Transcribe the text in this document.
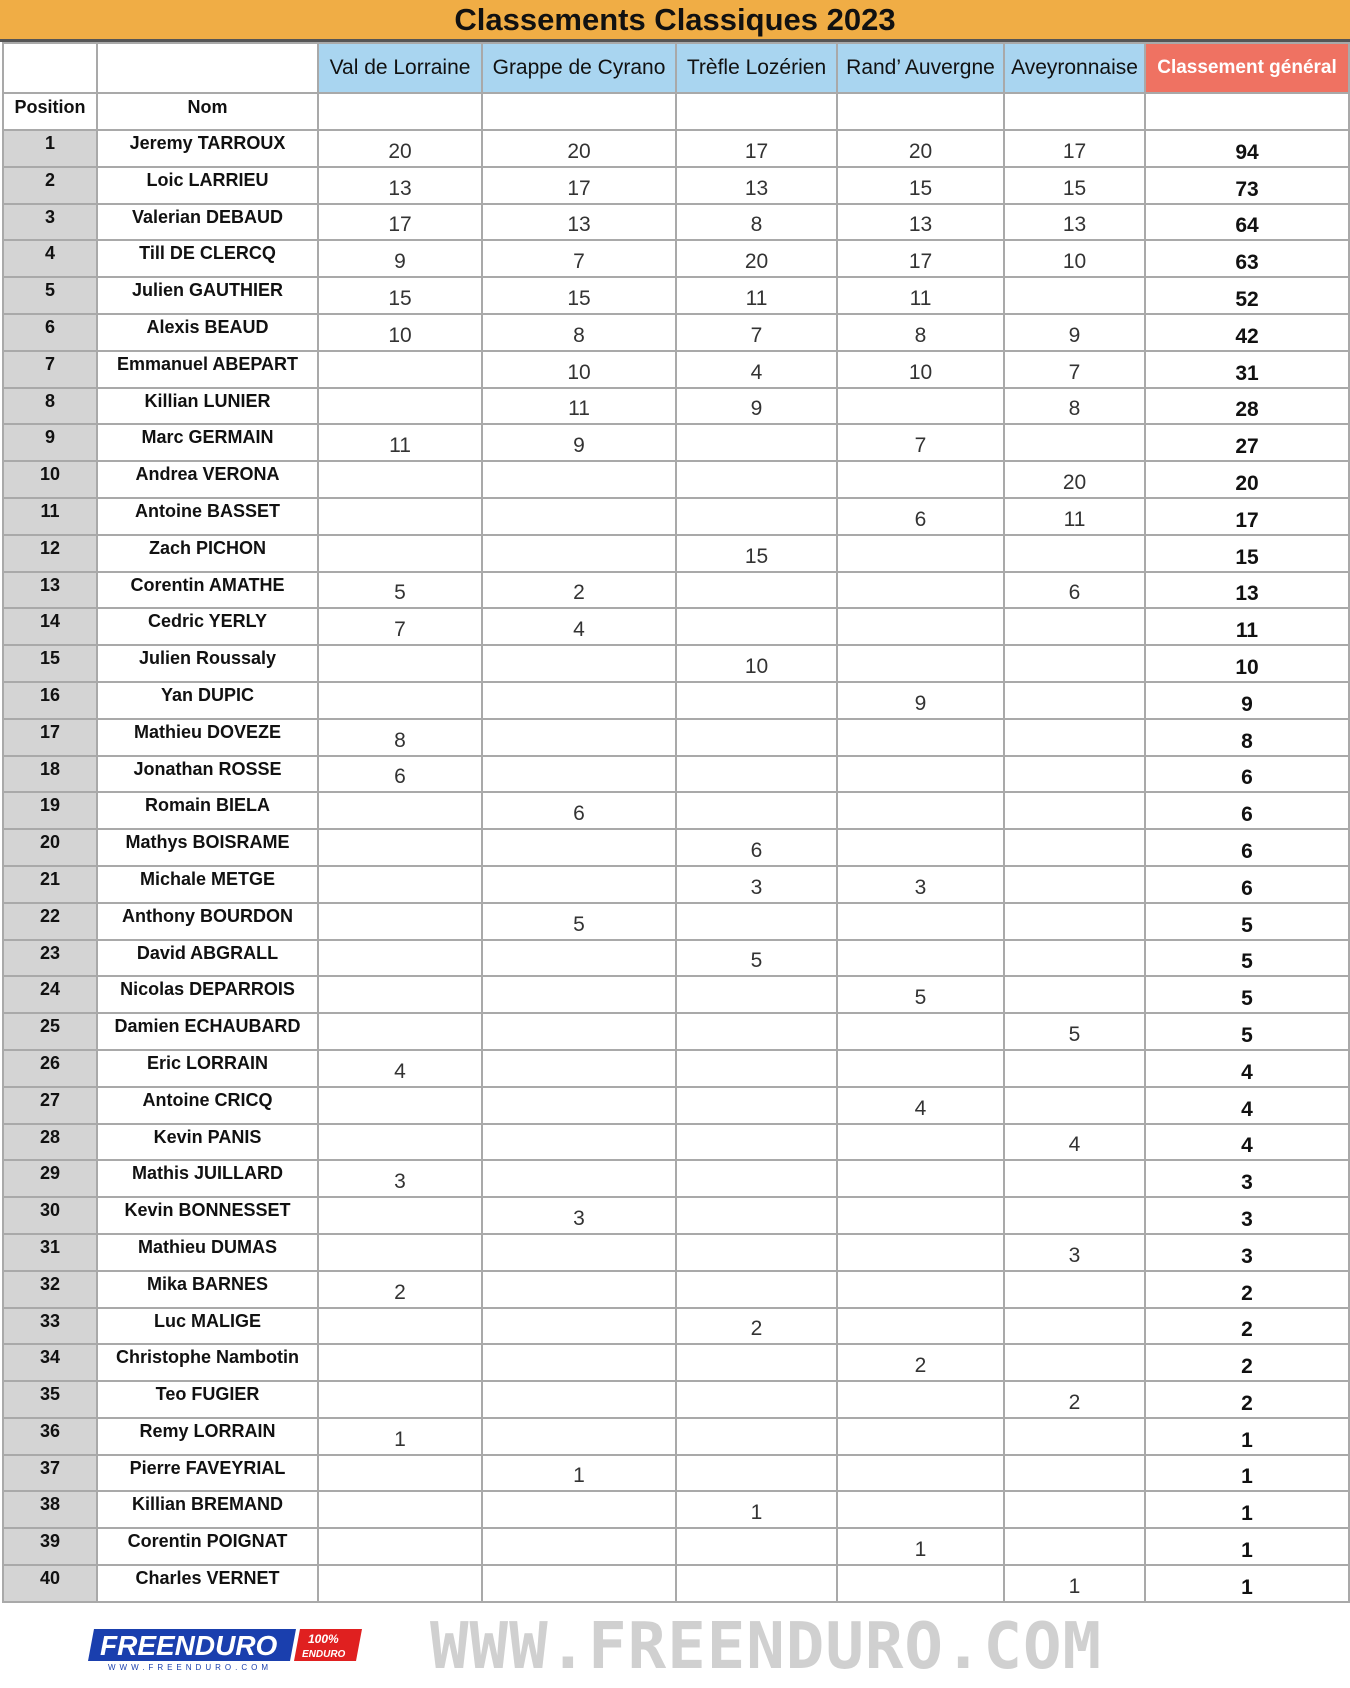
Classements Classiques 2023
		Val de Lorraine	Grappe de Cyrano	Trèfle Lozérien	Rand’ Auvergne	Aveyronnaise	Classement général
Position	Nom						
1	Jeremy TARROUX	20	20	17	20	17	94
2	Loic LARRIEU	13	17	13	15	15	73
3	Valerian DEBAUD	17	13	8	13	13	64
4	Till DE CLERCQ	9	7	20	17	10	63
5	Julien GAUTHIER	15	15	11	11		52
6	Alexis BEAUD	10	8	7	8	9	42
7	Emmanuel ABEPART		10	4	10	7	31
8	Killian LUNIER		11	9		8	28
9	Marc GERMAIN	11	9		7		27
10	Andrea VERONA					20	20
11	Antoine BASSET				6	11	17
12	Zach PICHON			15			15
13	Corentin AMATHE	5	2			6	13
14	Cedric YERLY	7	4				11
15	Julien Roussaly			10			10
16	Yan DUPIC				9		9
17	Mathieu DOVEZE	8					8
18	Jonathan ROSSE	6					6
19	Romain BIELA		6				6
20	Mathys BOISRAME			6			6
21	Michale METGE			3	3		6
22	Anthony BOURDON		5				5
23	David ABGRALL			5			5
24	Nicolas DEPARROIS				5		5
25	Damien ECHAUBARD					5	5
26	Eric LORRAIN	4					4
27	Antoine CRICQ				4		4
28	Kevin PANIS					4	4
29	Mathis JUILLARD	3					3
30	Kevin BONNESSET		3				3
31	Mathieu DUMAS					3	3
32	Mika BARNES	2					2
33	Luc MALIGE			2			2
34	Christophe Nambotin				2		2
35	Teo FUGIER					2	2
36	Remy LORRAIN	1					1
37	Pierre FAVEYRIAL		1				1
38	Killian BREMAND			1			1
39	Corentin POIGNAT				1		1
40	Charles VERNET					1	1
FREENDURO	100%
ENDURO
WWW.FREENDURO.COM WWW.FREENDURO.COM
